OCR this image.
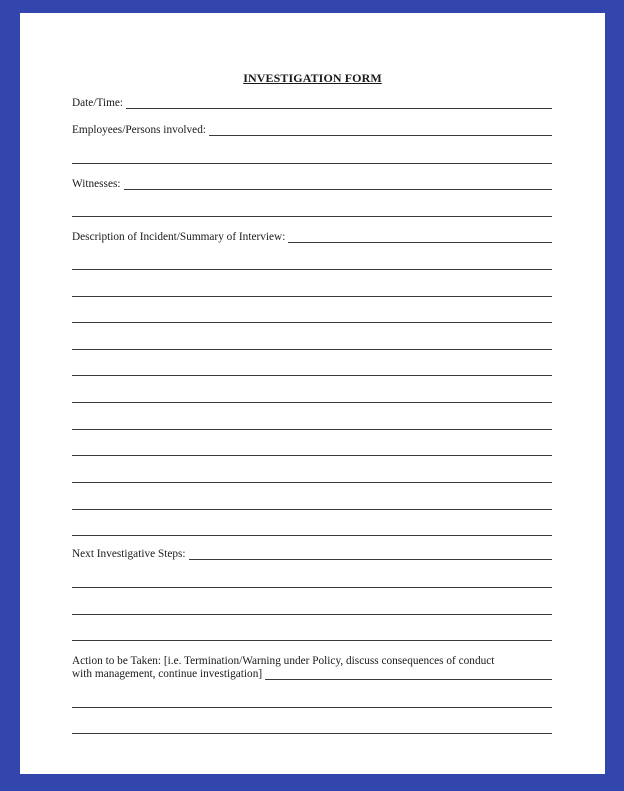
INVESTIGATION FORM
Date/Time:
Employees/Persons involved:
Witnesses:
Description of Incident/Summary of Interview:
Next Investigative Steps:
Action to be Taken: [i.e. Termination/Warning under Policy, discuss consequences of conduct
with management, continue investigation]
